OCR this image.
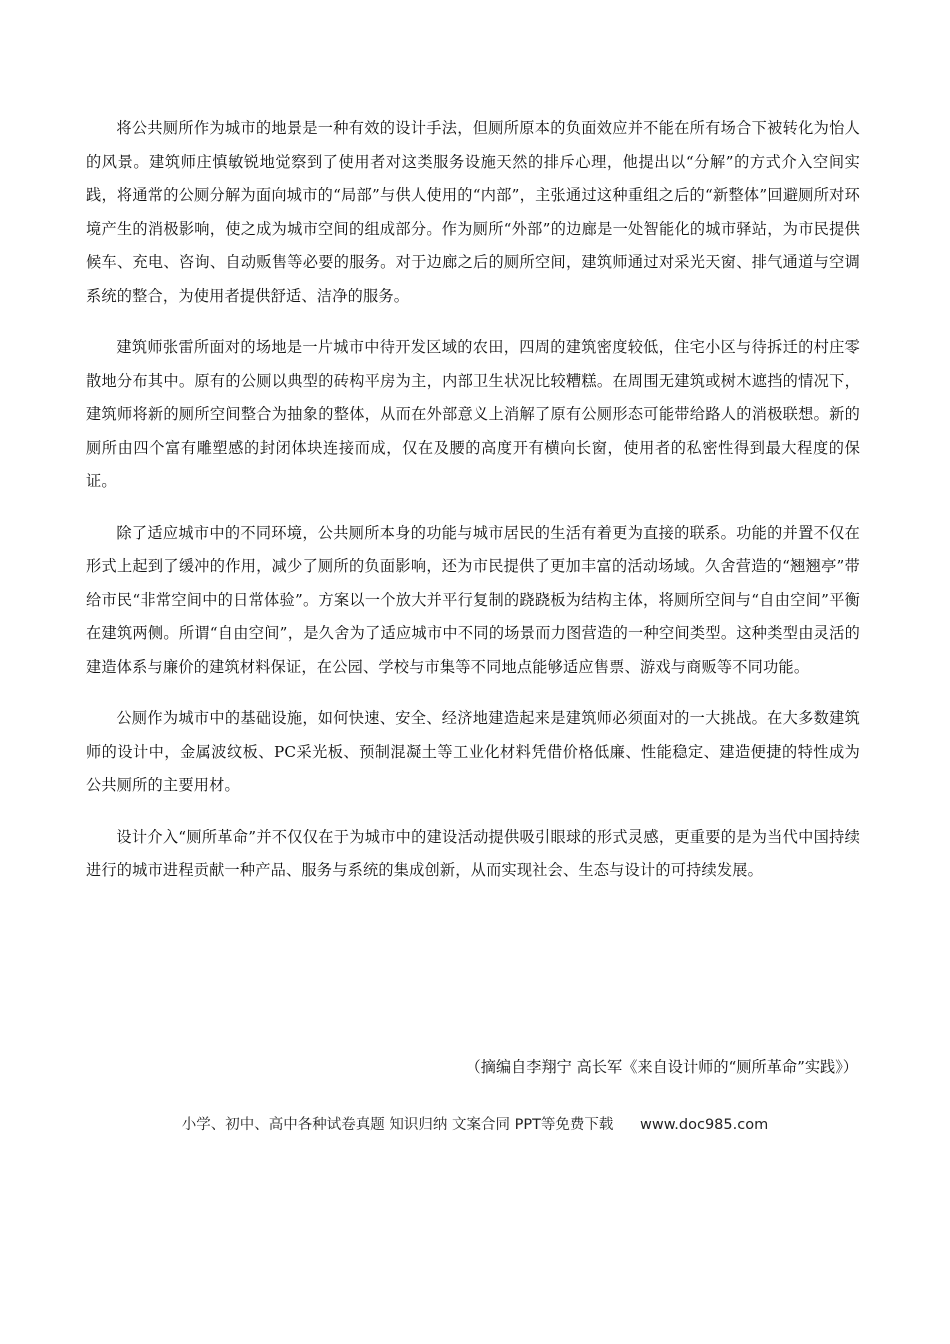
将公共厕所作为城市的地景是一种有效的设计手法，但厕所原本的负面效应并不能在所有场合下被转化为怡人的风景。建筑师庄慎敏锐地觉察到了使用者对这类服务设施天然的排斥心理，他提出以“分解”的方式介入空间实践，将通常的公厕分解为面向城市的“局部”与供人使用的“内部”，主张通过这种重组之后的“新整体”回避厕所对环境产生的消极影响，使之成为城市空间的组成部分。作为厕所“外部”的边廊是一处智能化的城市驿站，为市民提供候车、充电、咨询、自动贩售等必要的服务。对于边廊之后的厕所空间，建筑师通过对采光天窗、排气通道与空调系统的整合，为使用者提供舒适、洁净的服务。

建筑师张雷所面对的场地是一片城市中待开发区域的农田，四周的建筑密度较低，住宅小区与待拆迁的村庄零散地分布其中。原有的公厕以典型的砖构平房为主，内部卫生状况比较糟糕。在周围无建筑或树木遮挡的情况下，建筑师将新的厕所空间整合为抽象的整体，从而在外部意义上消解了原有公厕形态可能带给路人的消极联想。新的厕所由四个富有雕塑感的封闭体块连接而成，仅在及腰的高度开有横向长窗，使用者的私密性得到最大程度的保证。

除了适应城市中的不同环境，公共厕所本身的功能与城市居民的生活有着更为直接的联系。功能的并置不仅在形式上起到了缓冲的作用，减少了厕所的负面影响，还为市民提供了更加丰富的活动场域。久舍营造的“翘翘亭”带给市民“非常空间中的日常体验”。方案以一个放大并平行复制的跷跷板为结构主体，将厕所空间与“自由空间”平衡在建筑两侧。所谓“自由空间”，是久舍为了适应城市中不同的场景而力图营造的一种空间类型。这种类型由灵活的建造体系与廉价的建筑材料保证，在公园、学校与市集等不同地点能够适应售票、游戏与商贩等不同功能。

公厕作为城市中的基础设施，如何快速、安全、经济地建造起来是建筑师必须面对的一大挑战。在大多数建筑师的设计中，金属波纹板、PC采光板、预制混凝土等工业化材料凭借价格低廉、性能稳定、建造便捷的特性成为公共厕所的主要用材。

设计介入“厕所革命”并不仅仅在于为城市中的建设活动提供吸引眼球的形式灵感，更重要的是为当代中国持续进行的城市进程贡献一种产品、服务与系统的集成创新，从而实现社会、生态与设计的可持续发展。

（摘编自李翔宁 高长军《来自设计师的“厕所革命”实践》）
小学、初中、高中各种试卷真题 知识归纳 文案合同 PPT等免费下载 www.doc985.com
